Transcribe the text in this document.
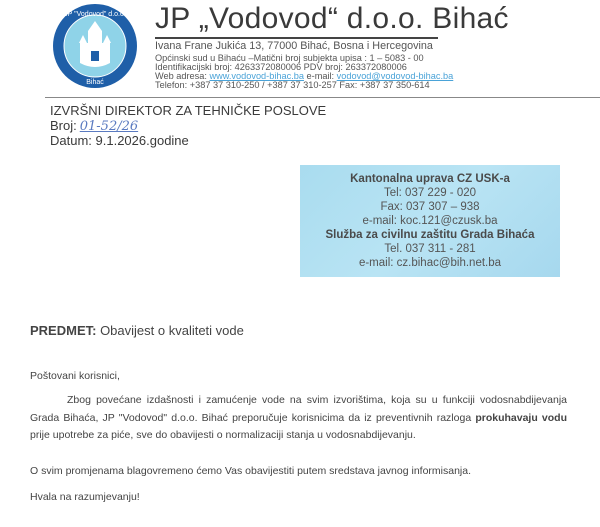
JP "Vodovod" d.o.o.
Bihać
JP „Vodovod“ d.o.o. Bihać
Ivana Frane Jukića 13, 77000 Bihać, Bosna i Hercegovina
Općinski sud u Bihaću –Matični broj subjekta upisa : 1 – 5083 - 00
Identifikacijski broj: 4263372080006 PDV broj: 263372080006
Web adresa: www.vodovod-bihac.ba e-mail: vodovod@vodovod-bihac.ba
Telefon: +387 37 310-250 / +387 37 310-257 Fax: +387 37 350-614
IZVRŠNI DIREKTOR ZA TEHNIČKE POSLOVE
Broj: 01-52/26
Datum: 9.1.2026.godine
Kantonalna uprava CZ USK-a
Tel: 037 229 - 020
Fax: 037 307 – 938
e-mail: koc.121@czusk.ba
Služba za civilnu zaštitu Grada Bihaća
Tel. 037 311 - 281
e-mail: cz.bihac@bih.net.ba
PREDMET: Obavijest o kvaliteti vode
Poštovani korisnici,
Zbog povećane izdašnosti i zamućenje vode na svim izvorištima, koja su u funkciji vodosnabdijevanja Grada Bihaća, JP "Vodovod" d.o.o. Bihać preporučuje korisnicima da iz preventivnih razloga prokuhavaju vodu prije upotrebe za piće, sve do obavijesti o normalizaciji stanja u vodosnabdijevanju.
O svim promjenama blagovremeno ćemo Vas obavijestiti putem sredstava javnog informisanja.
Hvala na razumjevanju!
